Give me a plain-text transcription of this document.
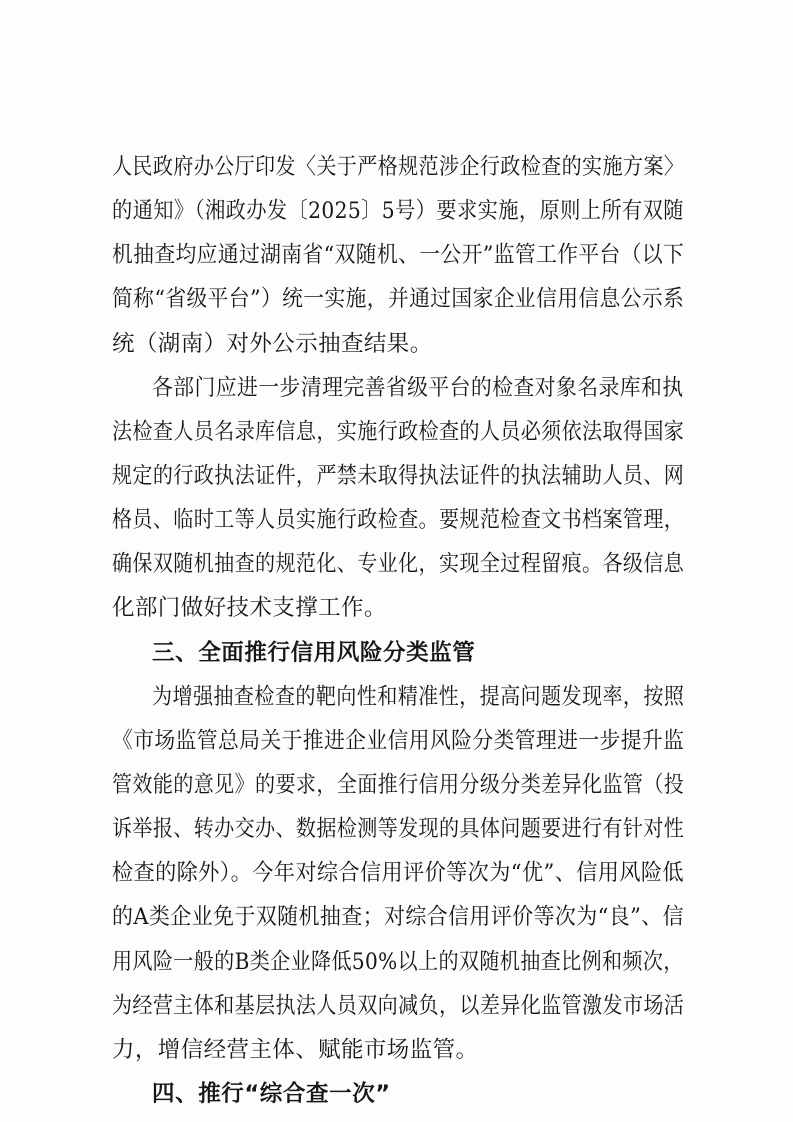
人民政府办公厅印发〈关于严格规范涉企行政检查的实施方案〉
的通知》（湘政办发〔2025〕5号）要求实施，原则上所有双随
机抽查均应通过湖南省“双随机、一公开”监管工作平台（以下
简称“省级平台”）统一实施，并通过国家企业信用信息公示系
统（湖南）对外公示抽查结果。
各部门应进一步清理完善省级平台的检查对象名录库和执
法检查人员名录库信息，实施行政检查的人员必须依法取得国家
规定的行政执法证件，严禁未取得执法证件的执法辅助人员、网
格员、临时工等人员实施行政检查。要规范检查文书档案管理，
确保双随机抽查的规范化、专业化，实现全过程留痕。各级信息
化部门做好技术支撑工作。
三、全面推行信用风险分类监管
为增强抽查检查的靶向性和精准性，提高问题发现率，按照
《市场监管总局关于推进企业信用风险分类管理进一步提升监
管效能的意见》的要求，全面推行信用分级分类差异化监管（投
诉举报、转办交办、数据检测等发现的具体问题要进行有针对性
检查的除外）。今年对综合信用评价等次为“优”、信用风险低
的A类企业免于双随机抽查；对综合信用评价等次为“良”、信
用风险一般的B类企业降低50%以上的双随机抽查比例和频次，
为经营主体和基层执法人员双向减负，以差异化监管激发市场活
力，增信经营主体、赋能市场监管。
四、推行“综合查一次”
